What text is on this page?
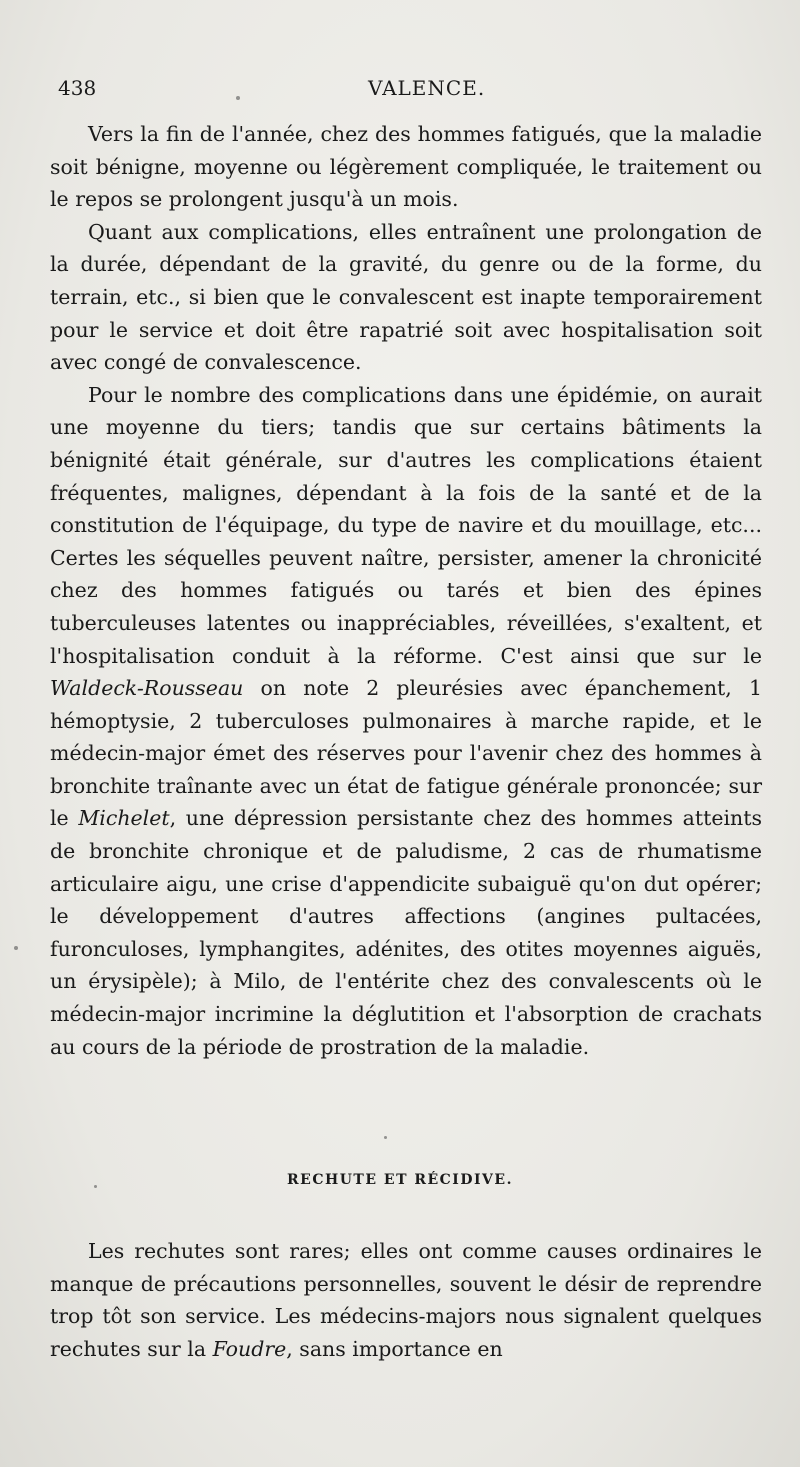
438	VALENCE.

Vers la fin de l'année, chez des hommes fatigués, que la maladie soit bénigne, moyenne ou légèrement compliquée, le traitement ou le repos se prolongent jusqu'à un mois.

Quant aux complications, elles entraînent une prolongation de la durée, dépendant de la gravité, du genre ou de la forme, du terrain, etc., si bien que le convalescent est inapte temporairement pour le service et doit être rapatrié soit avec hospitalisation soit avec congé de convalescence.

Pour le nombre des complications dans une épidémie, on aurait une moyenne du tiers; tandis que sur certains bâtiments la bénignité était générale, sur d'autres les complications étaient fréquentes, malignes, dépendant à la fois de la santé et de la constitution de l'équipage, du type de navire et du mouillage, etc... Certes les séquelles peuvent naître, persister, amener la chronicité chez des hommes fatigués ou tarés et bien des épines tuberculeuses latentes ou inappréciables, réveillées, s'exaltent, et l'hospitalisation conduit à la réforme. C'est ainsi que sur le Waldeck-Rousseau on note 2 pleurésies avec épanchement, 1 hémoptysie, 2 tuberculoses pulmonaires à marche rapide, et le médecin-major émet des réserves pour l'avenir chez des hommes à bronchite traînante avec un état de fatigue générale prononcée; sur le Michelet, une dépression persistante chez des hommes atteints de bronchite chronique et de paludisme, 2 cas de rhumatisme articulaire aigu, une crise d'appendicite subaiguë qu'on dut opérer; le développement d'autres affections (angines pultacées, furonculoses, lymphangites, adénites, des otites moyennes aiguës, un érysipèle); à Milo, de l'entérite chez des convalescents où le médecin-major incrimine la déglutition et l'absorption de crachats au cours de la période de prostration de la maladie.

RECHUTE ET RÉCIDIVE.

Les rechutes sont rares; elles ont comme causes ordinaires le manque de précautions personnelles, souvent le désir de reprendre trop tôt son service. Les médecins-majors nous signalent quelques rechutes sur la Foudre, sans importance en
